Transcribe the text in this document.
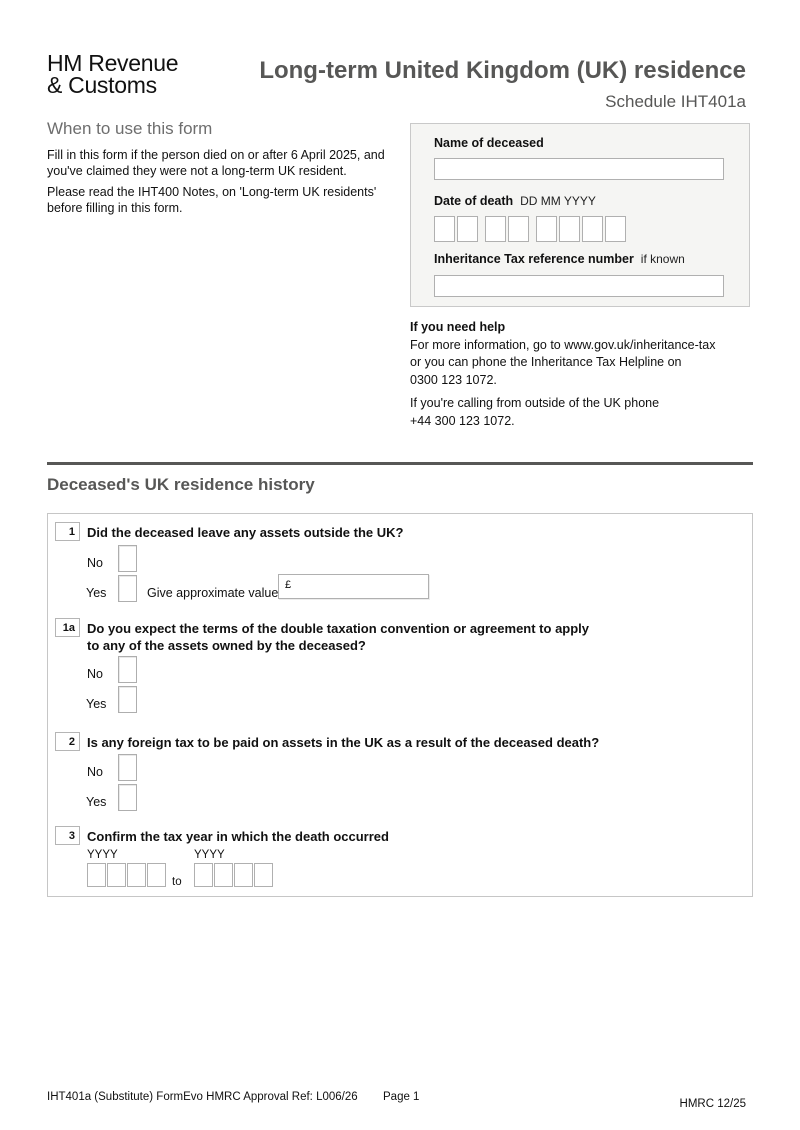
HM Revenue
& Customs
Long-term United Kingdom (UK) residence
Schedule IHT401a
When to use this form
Fill in this form if the person died on or after 6 April 2025, and you've claimed they were not a long-term UK resident.
Please read the IHT400 Notes, on 'Long-term UK residents' before filling in this form.
Name of deceased
Date of death DD MM YYYY
Inheritance Tax reference number if known
If you need help
For more information, go to www.gov.uk/inheritance-tax
or you can phone the Inheritance Tax Helpline on
0300 123 1072.
If you're calling from outside of the UK phone
+44 300 123 1072.
Deceased's UK residence history
1 Did the deceased leave any assets outside the UK?
No
Yes	Give approximate value
£
1a Do you expect the terms of the double taxation convention or agreement to apply
to any of the assets owned by the deceased?
No
Yes
2 Is any foreign tax to be paid on assets in the UK as a result of the deceased death?
No
Yes
3 Confirm the tax year in which the death occurred
YYYY	YYYY
to
IHT401a (Substitute) FormEvo HMRC Approval Ref: L006/26 Page 1
HMRC 12/25
